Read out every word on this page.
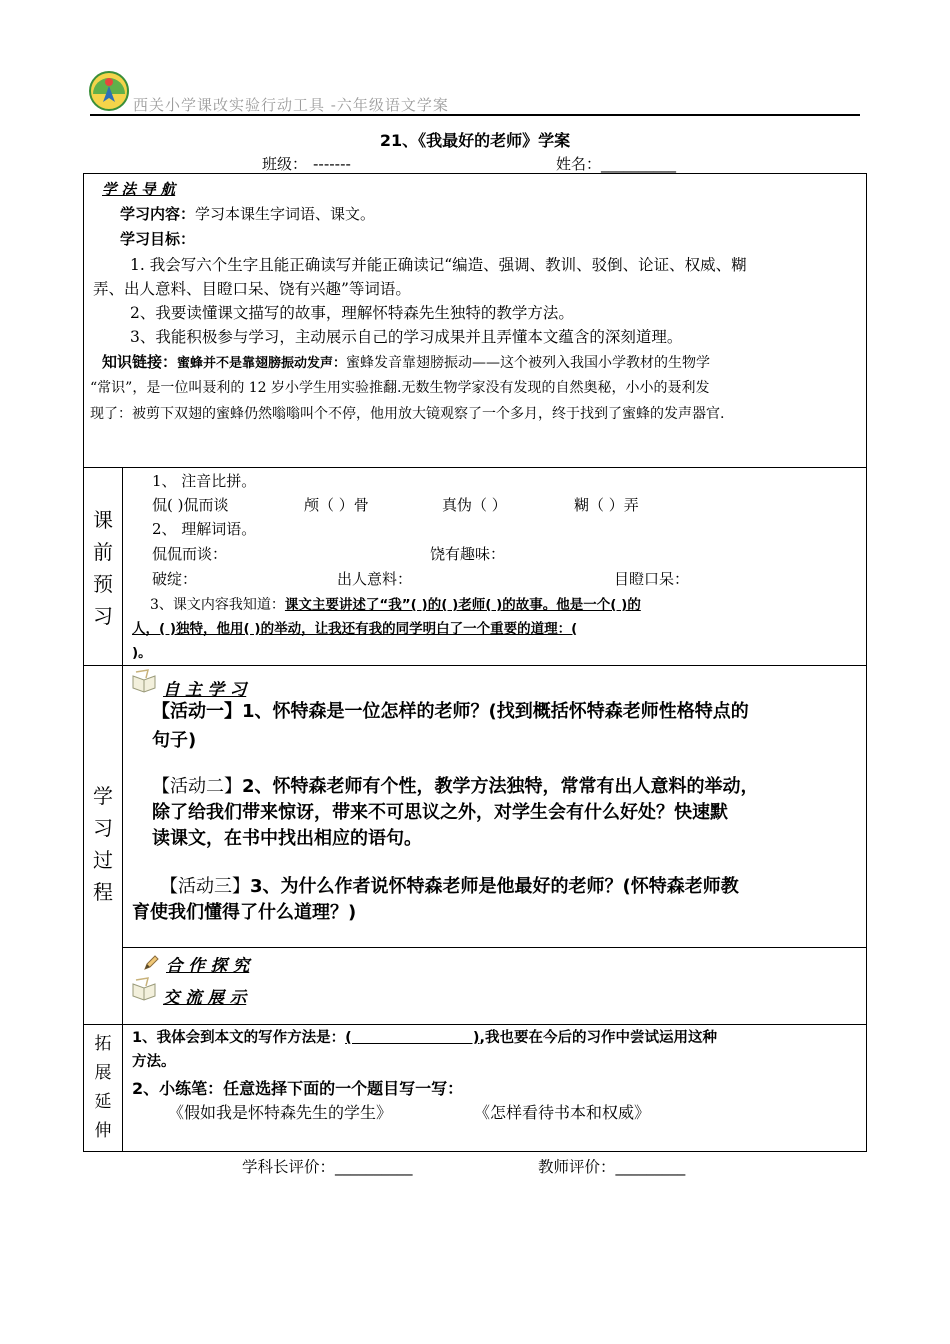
西关小学课改实验行动工具 -六年级语文学案
21、《我最好的老师》学案
班级： -------	姓名：__________
学 法 导 航
学习内容：学习本课生字词语、课文。
学习目标：
1. 我会写六个生字且能正确读写并能正确读记“编造、强调、教训、驳倒、论证、权威、糊
弄、出人意料、目瞪口呆、饶有兴趣”等词语。
2、我要读懂课文描写的故事，理解怀特森先生独特的教学方法。
3、我能积极参与学习，主动展示自己的学习成果并且弄懂本文蕴含的深刻道理。
知识链接：蜜蜂并不是靠翅膀振动发声：蜜蜂发音靠翅膀振动——这个被列入我国小学教材的生物学
“常识”，是一位叫聂利的 12 岁小学生用实验推翻.无数生物学家没有发现的自然奥秘，小小的聂利发
现了：被剪下双翅的蜜蜂仍然嗡嗡叫个不停，他用放大镜观察了一个多月，终于找到了蜜蜂的发声器官.
课
前
预
习
1、 注音比拼。
侃( )侃而谈	颅（ ）骨	真伪（ ）	糊（ ）弄
2、 理解词语。
侃侃而谈：	饶有趣味：
破绽：	出人意料：	目瞪口呆：
3、课文内容我知道：课文主要讲述了“我”( )的( )老师( )的故事。他是一个( )的
人，( )独特，他用( )的举动，让我还有我的同学明白了一个重要的道理：(
)。
学
习
过
程
自 主 学 习
【活动一】1、怀特森是一位怎样的老师？(找到概括怀特森老师性格特点的
句子)
【活动二】2、怀特森老师有个性，教学方法独特，常常有出人意料的举动，
除了给我们带来惊讶，带来不可思议之外，对学生会有什么好处？快速默
读课文，在书中找出相应的语句。
【活动三】3、为什么作者说怀特森老师是他最好的老师？(怀特森老师教
育使我们懂得了什么道理？)
合 作 探 究
交 流 展 示
拓
展
延
伸
1、我体会到本文的写作方法是：(                        ),我也要在今后的习作中尝试运用这种
方法。
2、小练笔：任意选择下面的一个题目写一写：
《假如我是怀特森先生的学生》	《怎样看待书本和权威》
学科长评价：__________	教师评价：_________
